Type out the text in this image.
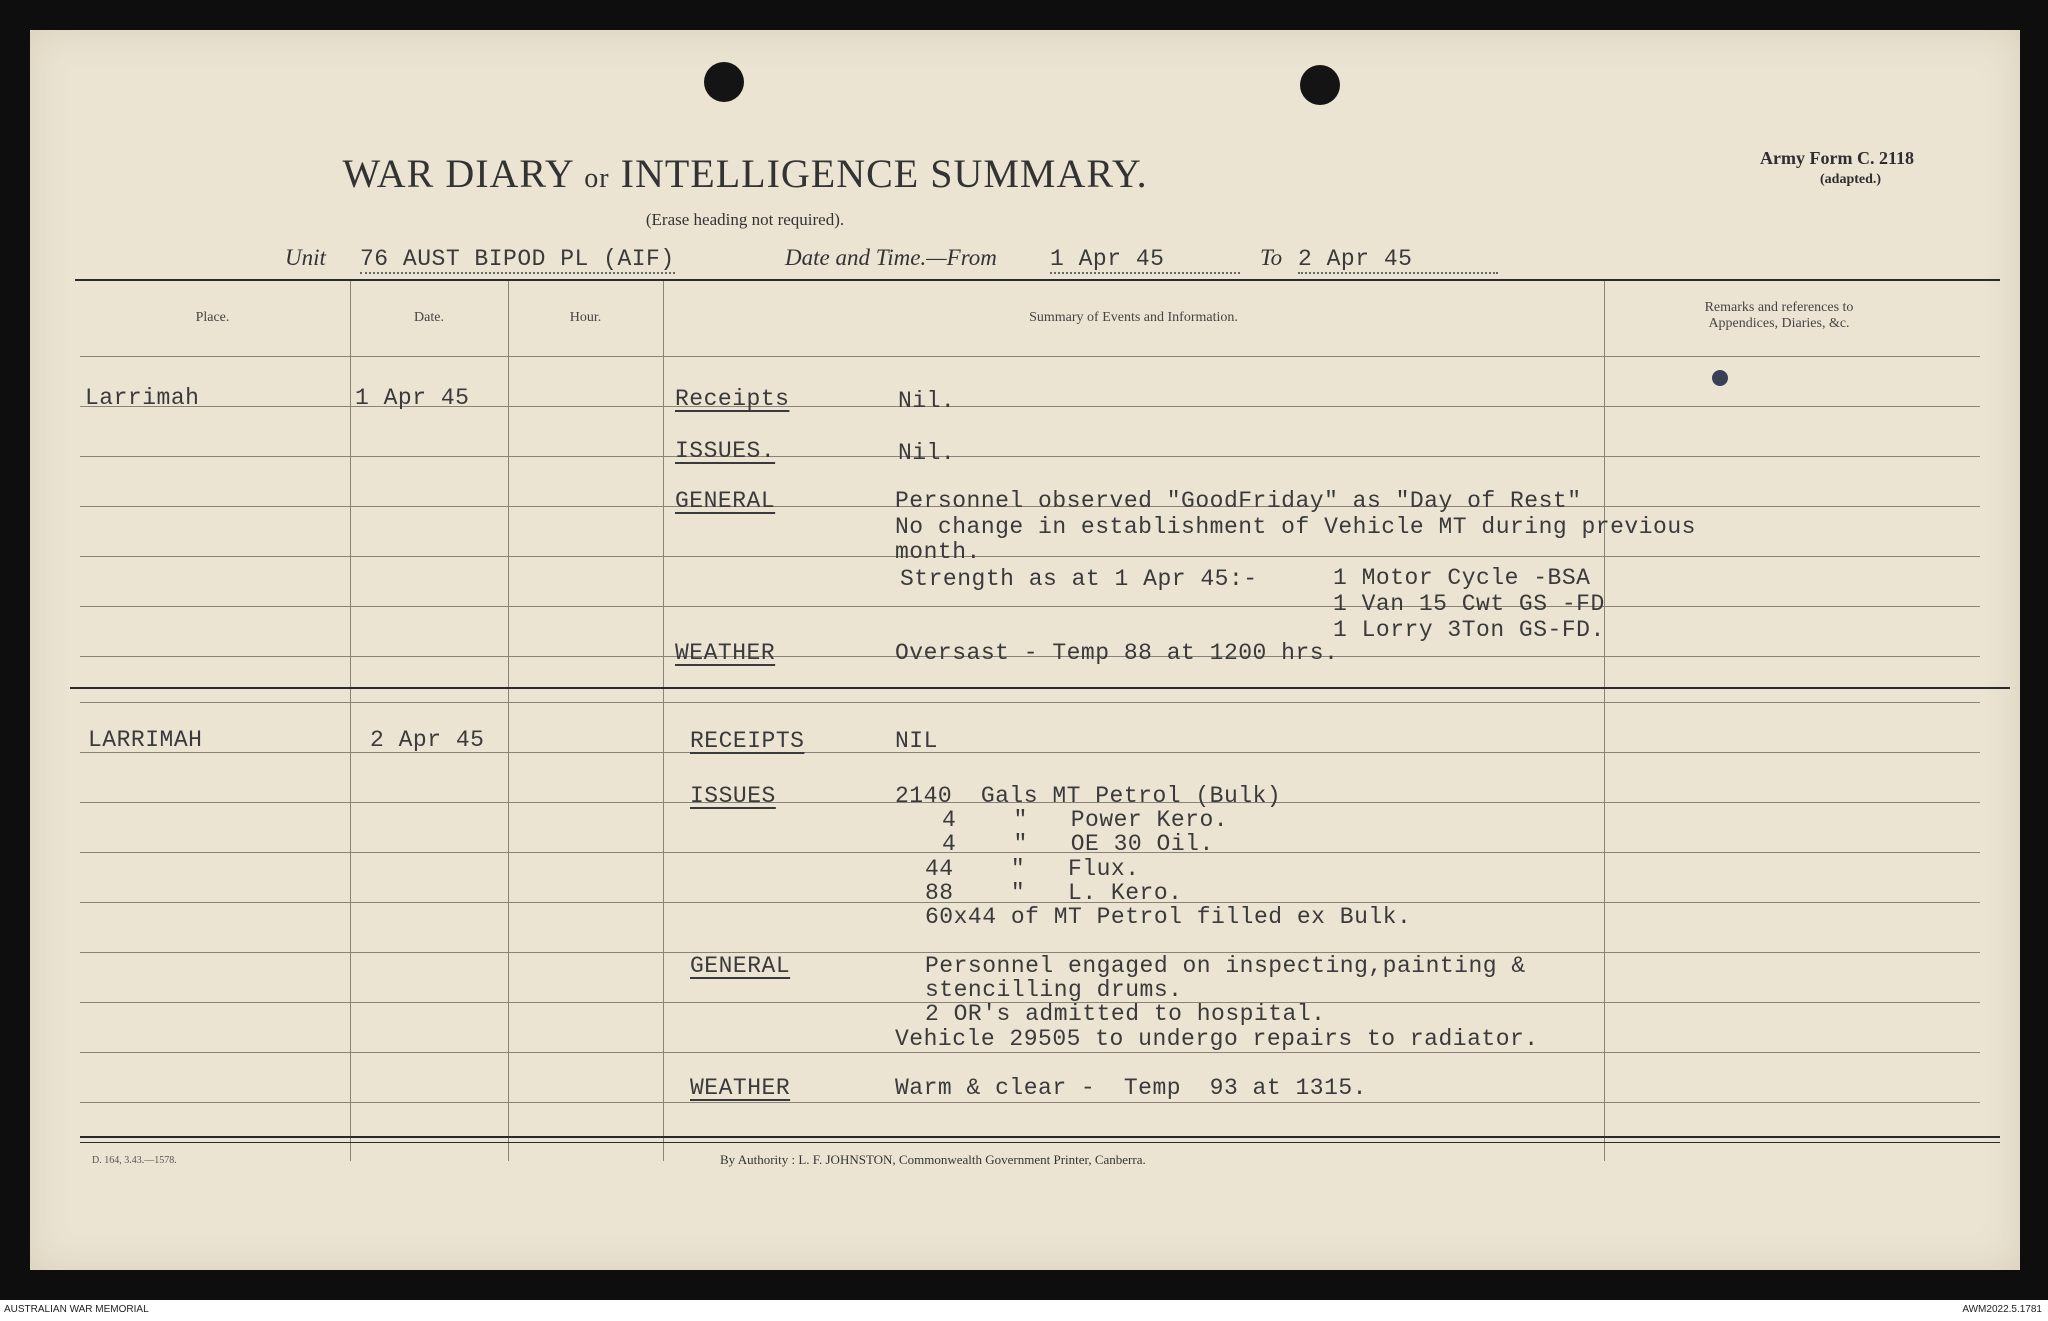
WAR DIARY or INTELLIGENCE SUMMARY.
(Erase heading not required).
Army Form C. 2118
(adapted.)
Unit 76 AUST BIPOD PL (AIF)	Date and Time.—From 1 Apr 45	To 2 Apr 45
Place.	Date.	Hour.	Summary of Events and Information.
Remarks and references to
Appendices, Diaries, &c.
Larrimah	1 Apr 45	Receipts	Nil.
ISSUES.	Nil.
GENERAL	Personnel observed "GoodFriday" as "Day of Rest"
No change in establishment of Vehicle MT during previous
month.
Strength as at 1 Apr 45:-	1 Motor Cycle -BSA
1 Van 15 Cwt GS -FD
1 Lorry 3Ton GS-FD.
WEATHER	Oversast - Temp 88 at 1200 hrs.
LARRIMAH	2 Apr 45	RECEIPTS	NIL
ISSUES	2140  Gals MT Petrol (Bulk)
4    "   Power Kero.
4    "   OE 30 Oil.
44    "   Flux.
88    "   L. Kero.
60x44 of MT Petrol filled ex Bulk.
GENERAL	Personnel engaged on inspecting,painting &
stencilling drums.
2 OR's admitted to hospital.
Vehicle 29505 to undergo repairs to radiator.
WEATHER	Warm & clear -  Temp  93 at 1315.
D. 164, 3.43.—1578.	By Authority : L. F. JOHNSTON, Commonwealth Government Printer, Canberra.
AUSTRALIAN WAR MEMORIAL	AWM2022.5.1781
